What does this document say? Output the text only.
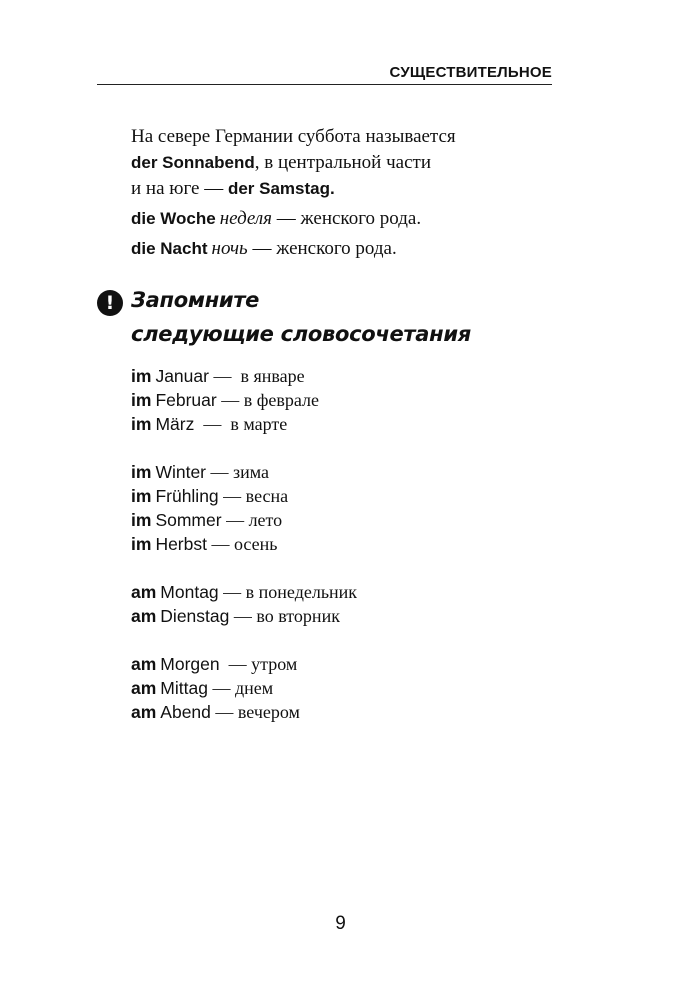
СУЩЕСТВИТЕЛЬНОЕ

На севере Германии суббота называется
der Sonnabend, в центральной части
и на юге — der Samstag.

die Woche неделя — женского рода.

die Nacht ночь — женского рода.

! Запомните
следующие словосочетания
im Januar —  в январе
im Februar — в феврале
im März  —  в марте
im Winter — зима
im Frühling — весна
im Sommer — лето
im Herbst — осень
am Montag — в понедельник
am Dienstag — во вторник
am Morgen  — утром
am Mittag — днем
am Abend — вечером
9
